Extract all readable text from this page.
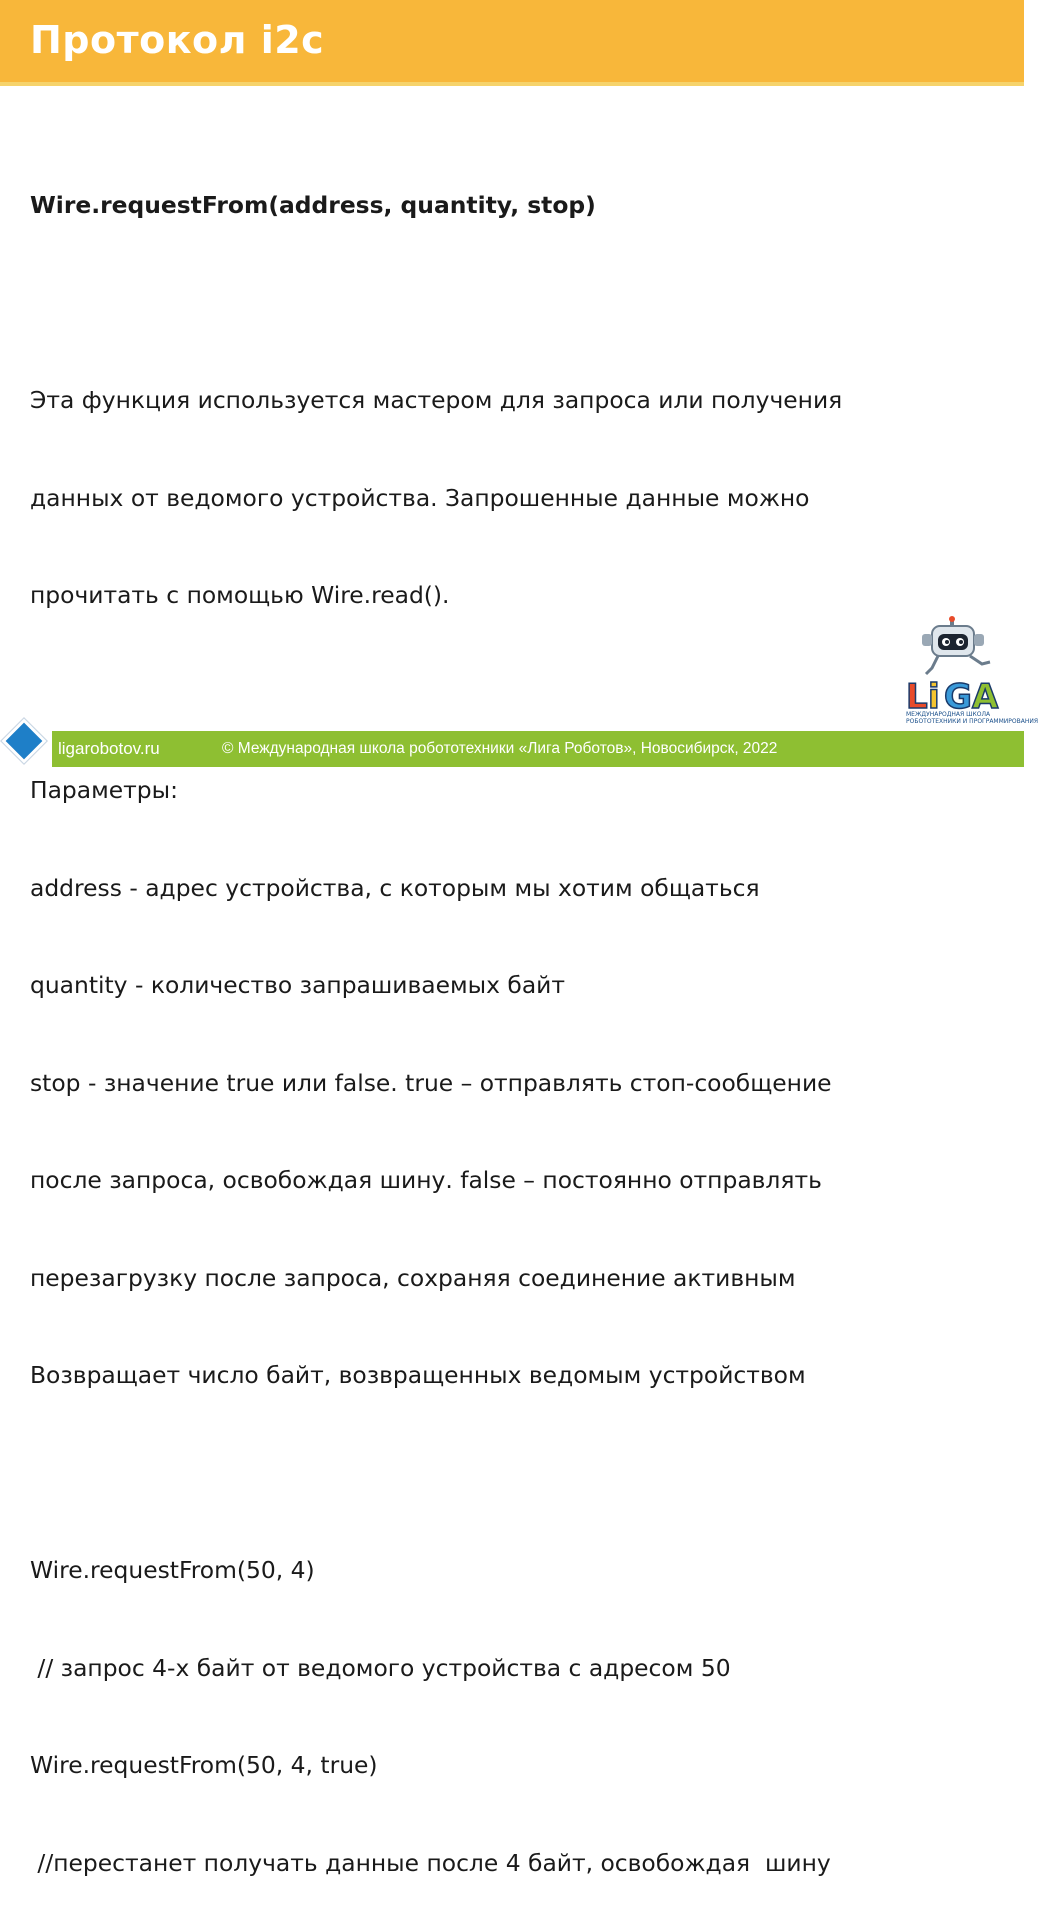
Протокол i2c

Wire.requestFrom(address, quantity, stop)

Эта функция используется мастером для запроса или получения

данных от ведомого устройства. Запрошенные данные можно

прочитать с помощью Wire.read().

Параметры:

address - адрес устройства, с которым мы хотим общаться

quantity - количество запрашиваемых байт

stop - значение true или false. true – отправлять стоп-сообщение

после запроса, освобождая шину. false – постоянно отправлять

перезагрузку после запроса, сохраняя соединение активным

Возвращает число байт, возвращенных ведомым устройством

Wire.requestFrom(50, 4)

// запрос 4-х байт от ведомого устройства с адресом 50

Wire.requestFrom(50, 4, true)

//перестанет получать данные после 4 байт, освобождая  шину

L i G A
МЕЖДУНАРОДНАЯ ШКОЛА
РОБОТОТЕХНИКИ И ПРОГРАММИРОВАНИЯ
ligarobotov.ru	© Международная школа робототехники «Лига Роботов», Новосибирск, 2022
